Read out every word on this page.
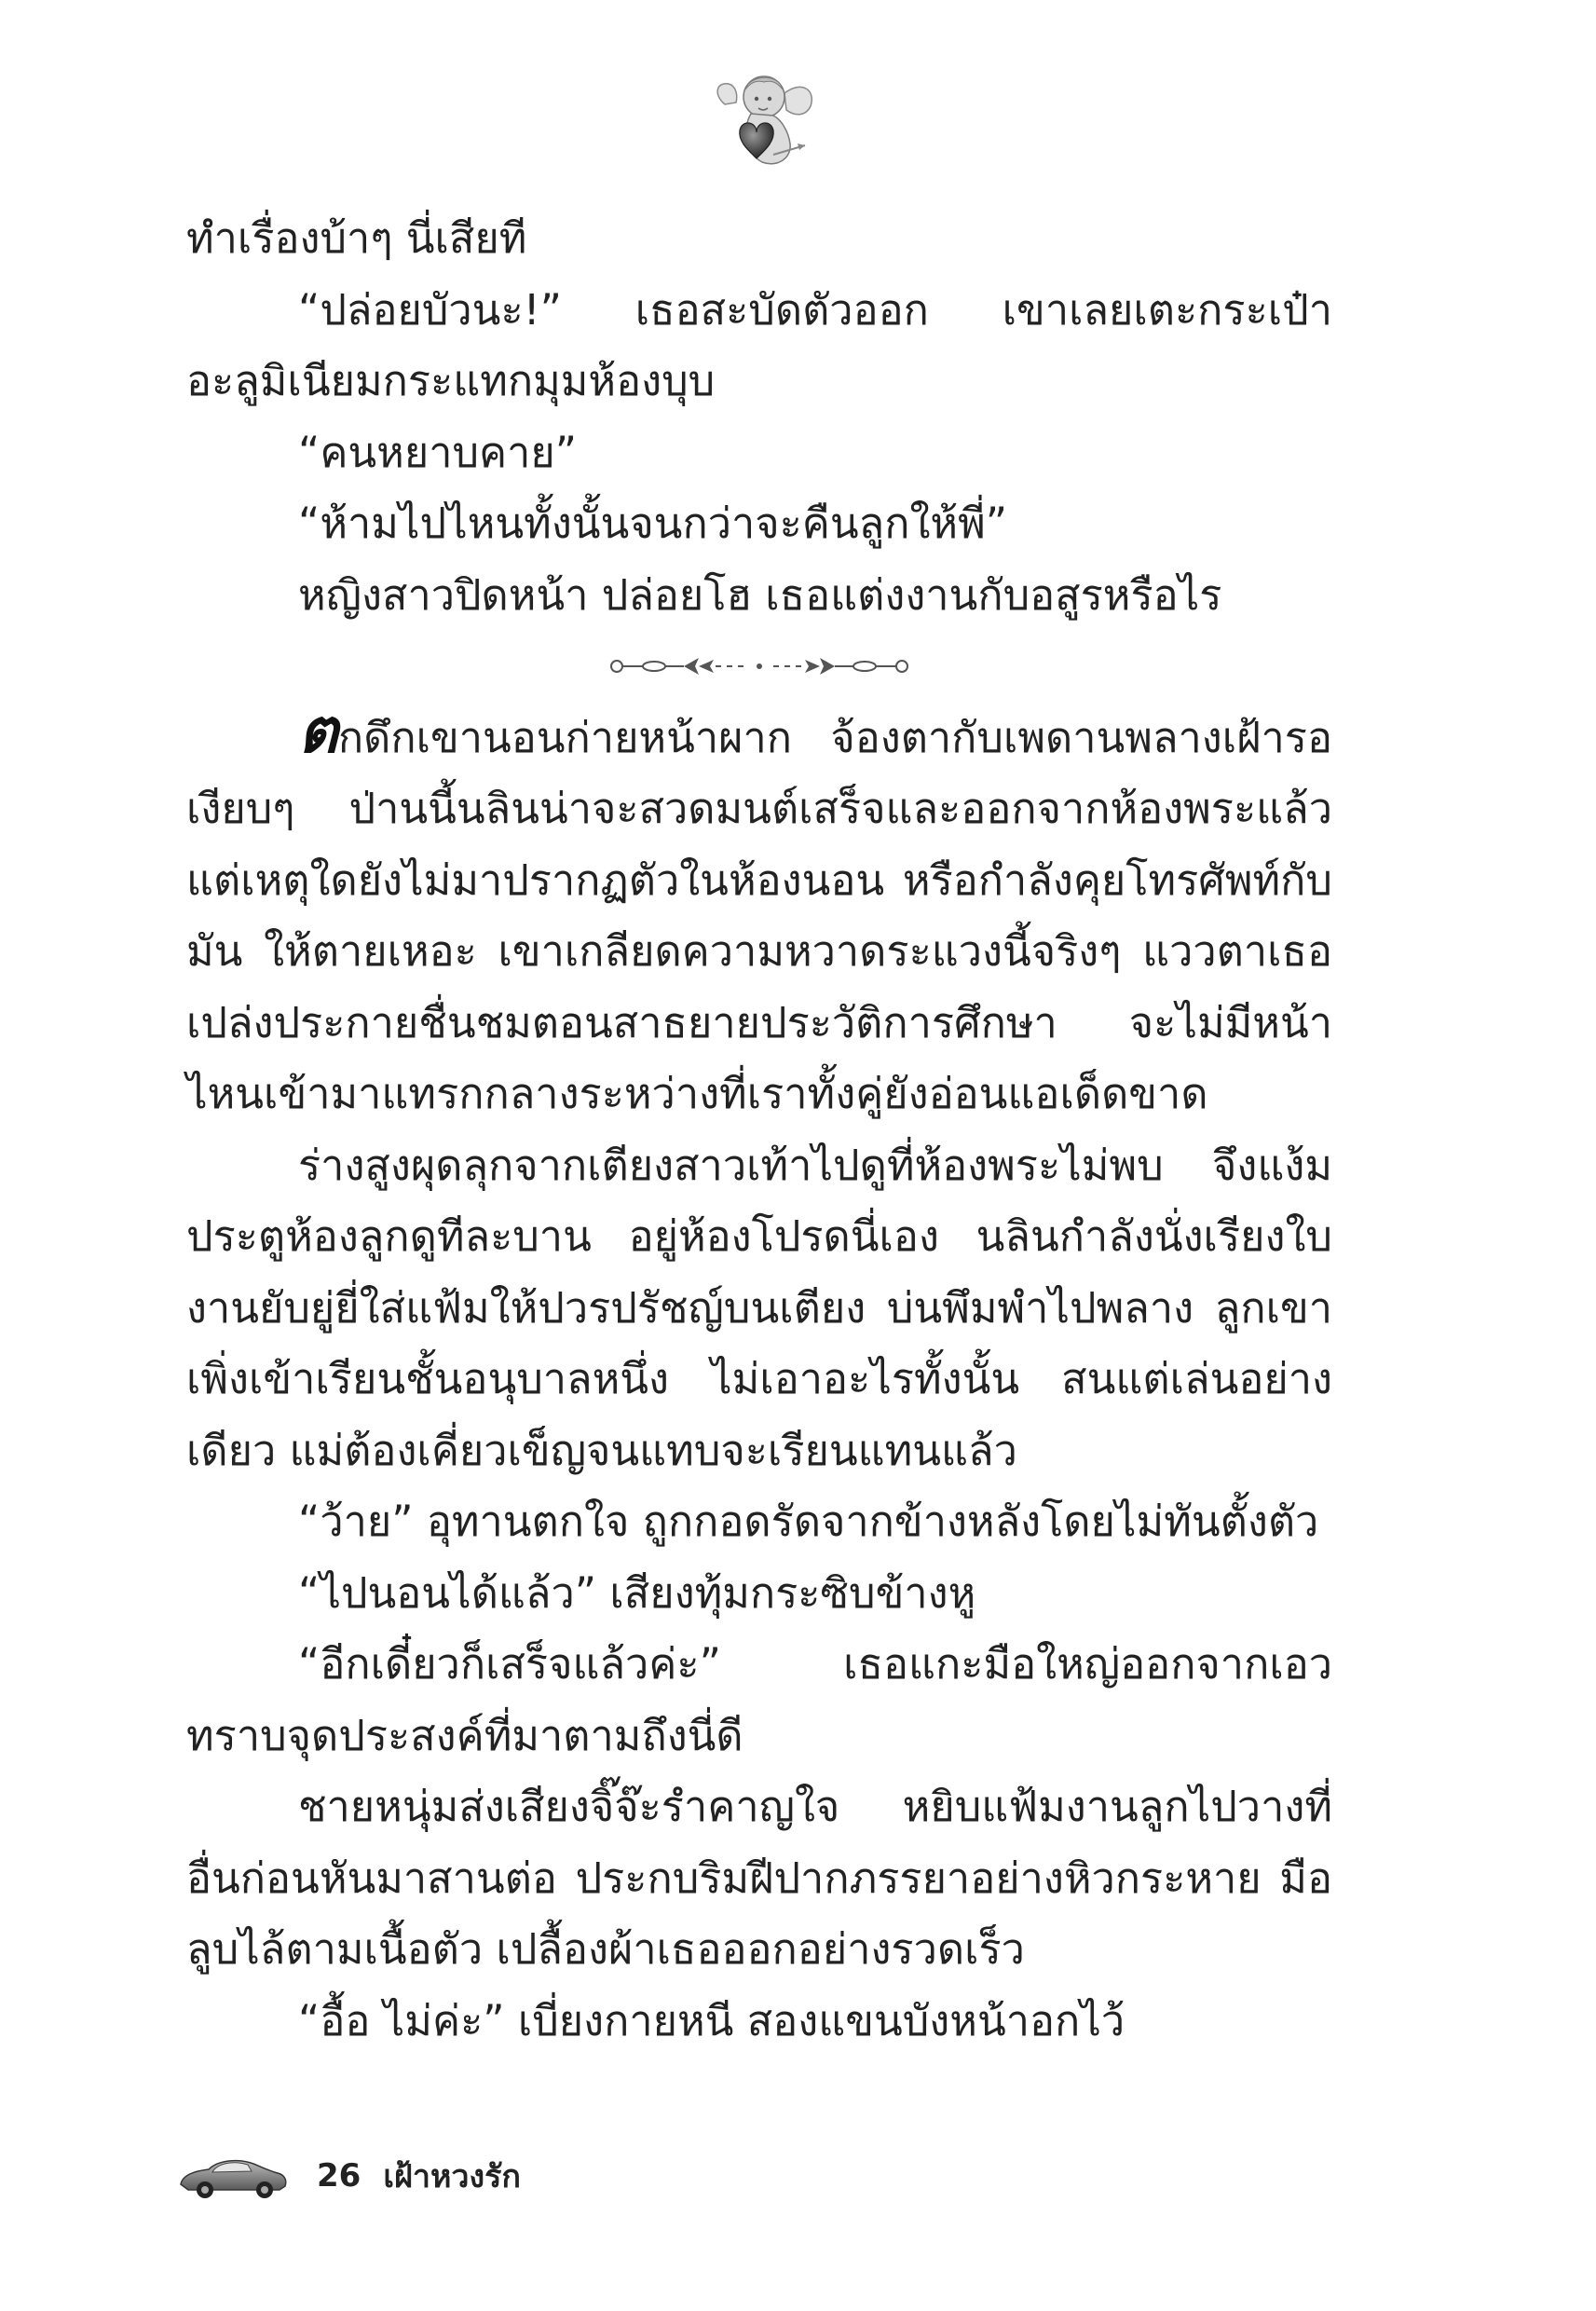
ทำเรื่องบ้าๆ นี่เสียที

“ปล่อยบัวนะ!” เธอสะบัดตัวออก เขาเลยเตะกระเป๋าอะลูมิเนียมกระแทกมุมห้องบุบ

“คนหยาบคาย”

“ห้ามไปไหนทั้งนั้นจนกว่าจะคืนลูกให้พี่”

หญิงสาวปิดหน้า ปล่อยโฮ เธอแต่งงานกับอสูรหรือไร

ตกดึกเขานอนก่ายหน้าผาก จ้องตากับเพดานพลางเฝ้ารอเงียบๆ ป่านนี้นลินน่าจะสวดมนต์เสร็จและออกจากห้องพระแล้ว แต่เหตุใดยังไม่มาปรากฏตัวในห้องนอน หรือกำลังคุยโทรศัพท์กับมัน ให้ตายเหอะ เขาเกลียดความหวาดระแวงนี้จริงๆ แววตาเธอเปล่งประกายชื่นชมตอนสาธยายประวัติการศึกษา จะไม่มีหน้าไหนเข้ามาแทรกกลางระหว่างที่เราทั้งคู่ยังอ่อนแอเด็ดขาด

ร่างสูงผุดลุกจากเตียงสาวเท้าไปดูที่ห้องพระไม่พบ จึงแง้มประตูห้องลูกดูทีละบาน อยู่ห้องโปรดนี่เอง นลินกำลังนั่งเรียงใบงานยับยู่ยี่ใส่แฟ้มให้ปวรปรัชญ์บนเตียง บ่นพึมพำไปพลาง ลูกเขาเพิ่งเข้าเรียนชั้นอนุบาลหนึ่ง ไม่เอาอะไรทั้งนั้น สนแต่เล่นอย่างเดียว แม่ต้องเคี่ยวเข็ญจนแทบจะเรียนแทนแล้ว

“ว้าย” อุทานตกใจ ถูกกอดรัดจากข้างหลังโดยไม่ทันตั้งตัว

“ไปนอนได้แล้ว” เสียงทุ้มกระซิบข้างหู

“อีกเดี๋ยวก็เสร็จแล้วค่ะ” เธอแกะมือใหญ่ออกจากเอว ทราบจุดประสงค์ที่มาตามถึงนี่ดี

ชายหนุ่มส่งเสียงจิ๊จ๊ะรำคาญใจ หยิบแฟ้มงานลูกไปวางที่อื่นก่อนหันมาสานต่อ ประกบริมฝีปากภรรยาอย่างหิวกระหาย มือลูบไล้ตามเนื้อตัว เปลื้องผ้าเธอออกอย่างรวดเร็ว

“อื้อ ไม่ค่ะ” เบี่ยงกายหนี สองแขนบังหน้าอกไว้

26 เฝ้าหวงรัก
